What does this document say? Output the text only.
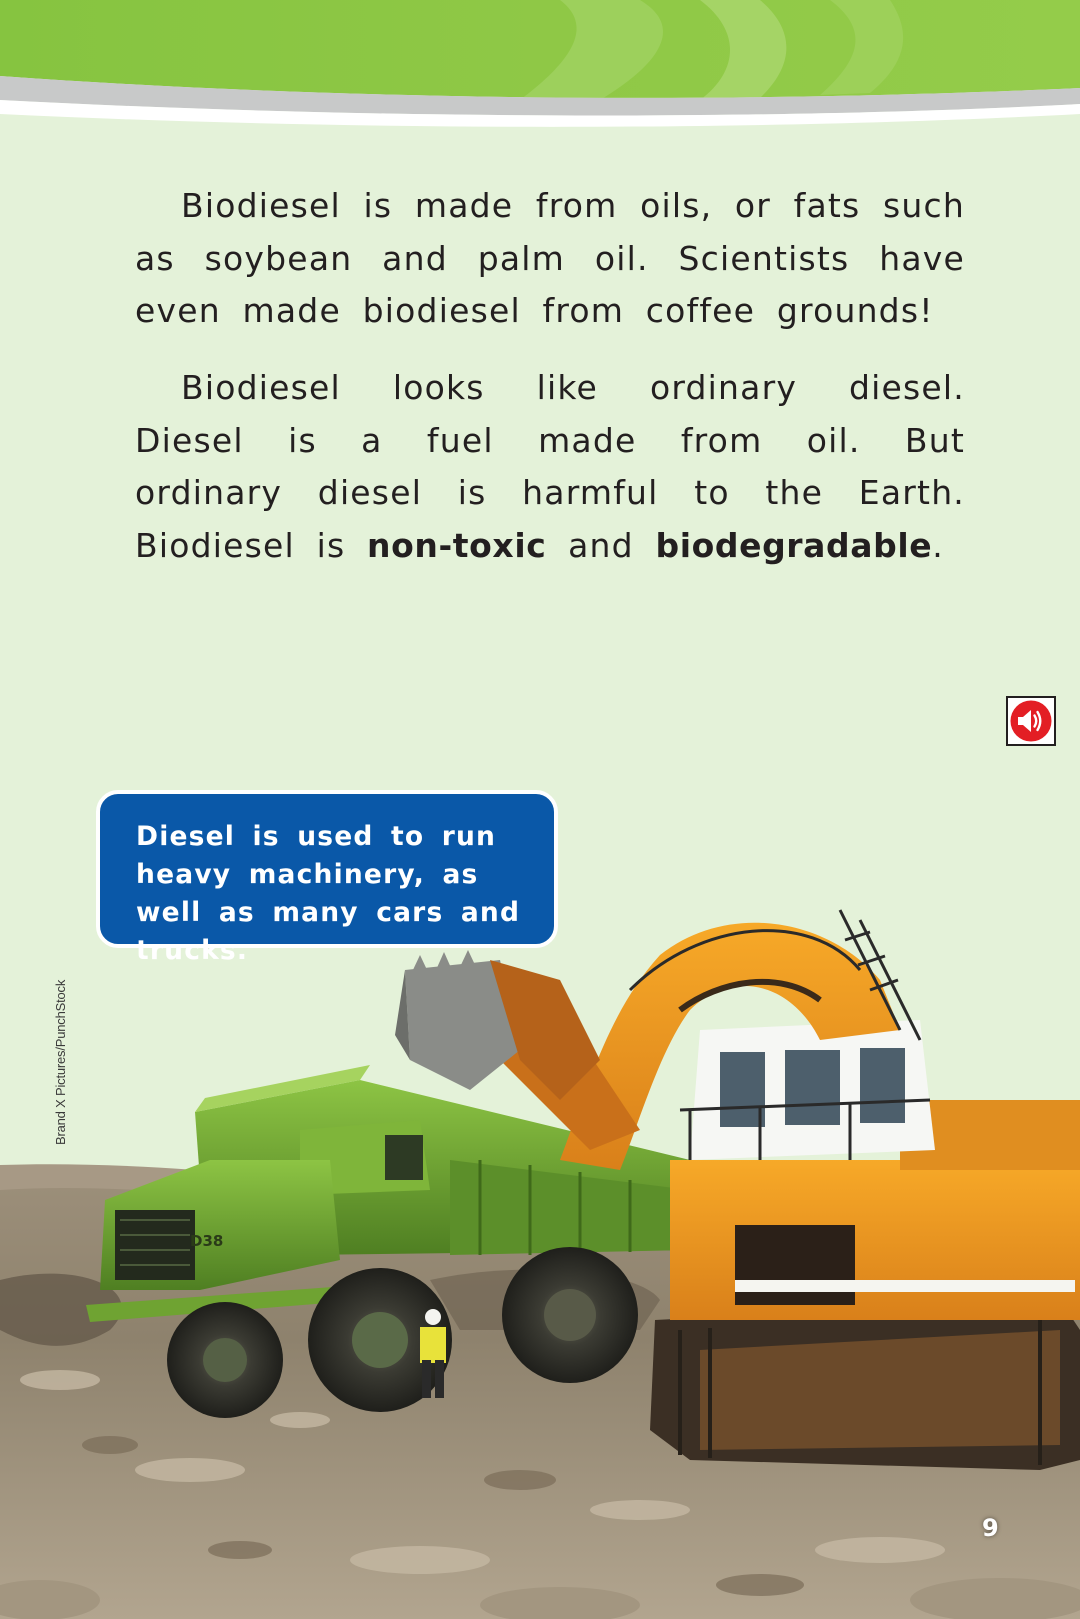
Biodiesel is made from oils, or fats such as soybean and palm oil. Scientists have even made biodiesel from coffee grounds!

Biodiesel looks like ordinary diesel. Diesel is a fuel made from oil. But ordinary diesel is harmful to the Earth. Biodiesel is non-toxic and biodegradable.

D38
Diesel is used to run heavy machinery, as well as many cars and trucks.
Brand X Pictures/PunchStock
9
